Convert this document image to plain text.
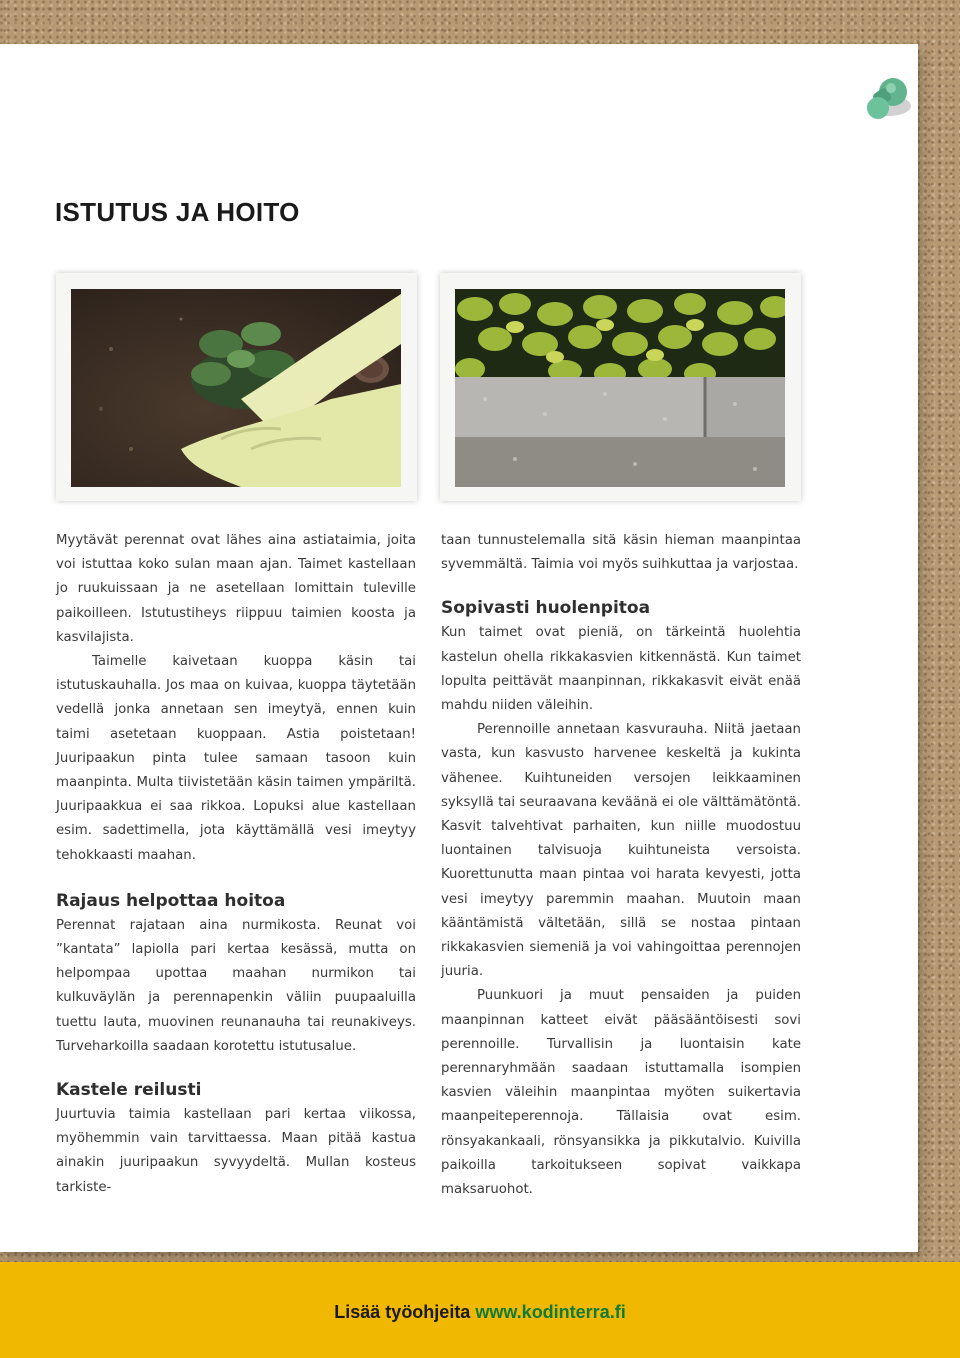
ISTUTUS JA HOITO

Myytävät perennat ovat lähes aina astiataimia, joita voi istuttaa koko sulan maan ajan. Taimet kastellaan jo ruukuissaan ja ne asetellaan lomittain tuleville paikoilleen. Istutustiheys riippuu taimien koosta ja kasvilajista.

Taimelle kaivetaan kuoppa käsin tai istutuskauhalla. Jos maa on kuivaa, kuoppa täytetään vedellä jonka annetaan sen imeytyä, ennen kuin taimi asetetaan kuoppaan. Astia poistetaan! Juuripaakun pinta tulee samaan tasoon kuin maanpinta. Multa tiivistetään käsin taimen ympäriltä. Juuripaakkua ei saa rikkoa. Lopuksi alue kastellaan esim. sadettimella, jota käyttämällä vesi imeytyy tehokkaasti maahan.

Rajaus helpottaa hoitoa

Perennat rajataan aina nurmikosta. Reunat voi ”kantata” lapiolla pari kertaa kesässä, mutta on helpompaa upottaa maahan nurmikon tai kulkuväylän ja perennapenkin väliin puupaaluilla tuettu lauta, muovinen reunanauha tai reunakiveys. Turveharkoilla saadaan korotettu istutusalue.

Kastele reilusti

Juurtuvia taimia kastellaan pari kertaa viikossa, myöhemmin vain tarvittaessa. Maan pitää kastua ainakin juuripaakun syvyydeltä. Mullan kosteus tarkiste-

taan tunnustelemalla sitä käsin hieman maanpintaa syvemmältä. Taimia voi myös suihkuttaa ja varjostaa.

Sopivasti huolenpitoa

Kun taimet ovat pieniä, on tärkeintä huolehtia kastelun ohella rikkakasvien kitkennästä. Kun taimet lopulta peittävät maanpinnan, rikkakasvit eivät enää mahdu niiden väleihin.

Perennoille annetaan kasvurauha. Niitä jaetaan vasta, kun kasvusto harvenee keskeltä ja kukinta vähenee. Kuihtuneiden versojen leikkaaminen syksyllä tai seuraavana keväänä ei ole välttämätöntä. Kasvit talvehtivat parhaiten, kun niille muodostuu luontainen talvisuoja kuihtuneista versoista. Kuorettunutta maan pintaa voi harata kevyesti, jotta vesi imeytyy paremmin maahan. Muutoin maan kääntämistä vältetään, sillä se nostaa pintaan rikkakasvien siemeniä ja voi vahingoittaa perennojen juuria.

Puunkuori ja muut pensaiden ja puiden maanpinnan katteet eivät pääsääntöisesti sovi perennoille. Turvallisin ja luontaisin kate perennaryhmään saadaan istuttamalla isompien kasvien väleihin maanpintaa myöten suikertavia maanpeiteperennoja. Tällaisia ovat esim. rönsyakankaali, rönsyansikka ja pikkutalvio. Kuivilla paikoilla tarkoitukseen sopivat vaikkapa maksaruohot.

Lisää työohjeita www.kodinterra.fi
